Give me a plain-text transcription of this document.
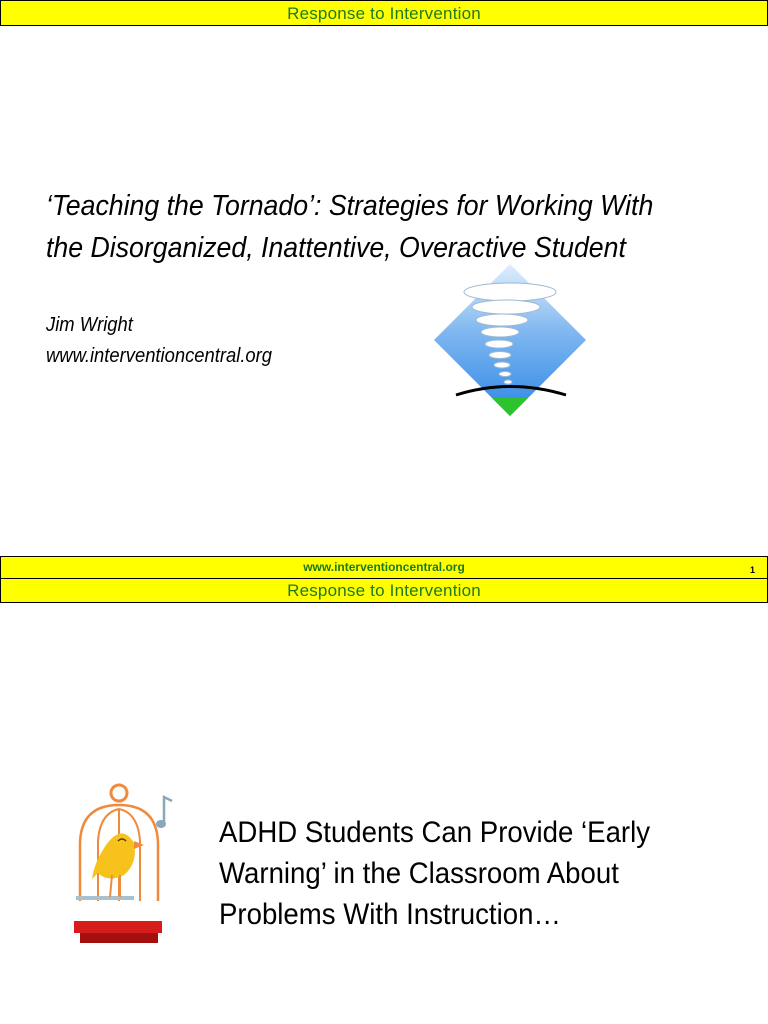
Response to Intervention
‘Teaching the Tornado’: Strategies for Working With
the Disorganized, Inattentive, Overactive Student
Jim Wright
www.interventioncentral.org
www.interventioncentral.org	1
Response to Intervention
ADHD Students Can Provide ‘Early
Warning’ in the Classroom About
Problems With Instruction…
